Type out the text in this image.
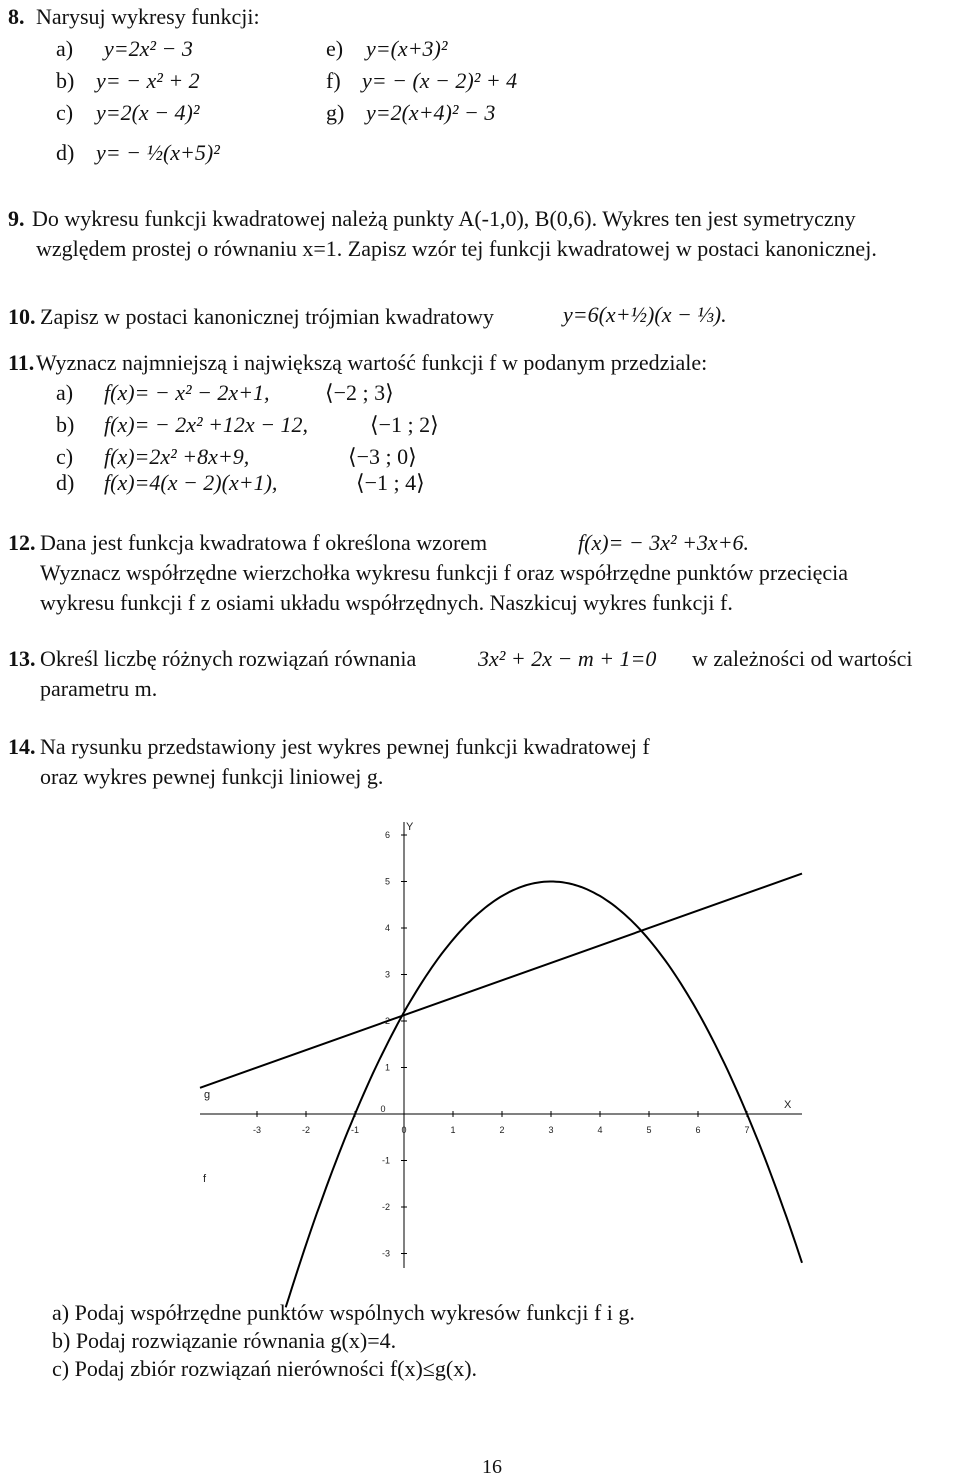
8. Narysuj wykresy funkcji:
a) y=2x² − 3
b) y= − x² + 2
c) y=2(x − 4)²
d) y= − ½(x+5)²
e) y=(x+3)²
f) y= − (x − 2)² + 4
g) y=2(x+4)² − 3
9. Do wykresu funkcji kwadratowej należą punkty A(-1,0), B(0,6). Wykres ten jest symetryczny
względem prostej o równaniu x=1. Zapisz wzór tej funkcji kwadratowej w postaci kanonicznej.
10. Zapisz w postaci kanonicznej trójmian kwadratowy	y=6(x+½)(x − ⅓).
11. Wyznacz najmniejszą i największą wartość funkcji f w podanym przedziale:
a) f(x)= − x² − 2x+1,	⟨−2 ; 3⟩
b) f(x)= − 2x² +12x − 12,	⟨−1 ; 2⟩
c) f(x)=2x² +8x+9,	⟨−3 ; 0⟩
d) f(x)=4(x − 2)(x+1),	⟨−1 ; 4⟩
12. Dana jest funkcja kwadratowa f określona wzorem	f(x)= − 3x² +3x+6.
Wyznacz współrzędne wierzchołka wykresu funkcji f oraz współrzędne punktów przecięcia
wykresu funkcji f z osiami układu współrzędnych. Naszkicuj wykres funkcji f.
13. Określ liczbę różnych rozwiązań równania	3x² + 2x − m + 1=0 w zależności od wartości
parametru m.
14. Na rysunku przedstawiony jest wykres pewnej funkcji kwadratowej f
oraz wykres pewnej funkcji liniowej g.
-3	-2	-1	0	1	2	3	4	5	6	7
6
5
4
3
1
-1
-2
-3
0	X
Y
f
g
a) Podaj współrzędne punktów wspólnych wykresów funkcji f i g.
b) Podaj rozwiązanie równania g(x)=4.
c) Podaj zbiór rozwiązań nierówności f(x)≤g(x).
16
